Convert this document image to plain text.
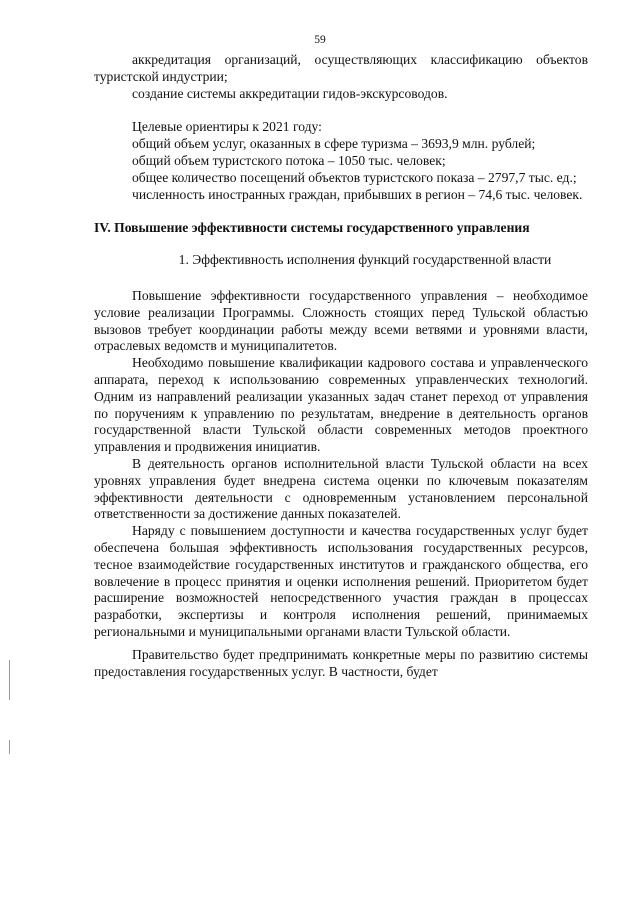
59

аккредитация организаций, осуществляющих классификацию объектов туристской индустрии;

создание системы аккредитации гидов-экскурсоводов.

Целевые ориентиры к 2021 году:

общий объем услуг, оказанных в сфере туризма – 3693,9 млн. рублей;

общий объем туристского потока – 1050 тыс. человек;

общее количество посещений объектов туристского показа – 2797,7 тыс. ед.;

численность иностранных граждан, прибывших в регион – 74,6 тыс. человек.

IV. Повышение эффективности системы государственного управления

1. Эффективность исполнения функций государственной власти

Повышение эффективности государственного управления – необходимое условие реализации Программы. Сложность стоящих перед Тульской областью вызовов требует координации работы между всеми ветвями и уровнями власти, отраслевых ведомств и муниципалитетов.

Необходимо повышение квалификации кадрового состава и управленческого аппарата, переход к использованию современных управленческих технологий. Одним из направлений реализации указанных задач станет переход от управления по поручениям к управлению по результатам, внедрение в деятельность органов государственной власти Тульской области современных методов проектного управления и продвижения инициатив.

В деятельность органов исполнительной власти Тульской области на всех уровнях управления будет внедрена система оценки по ключевым показателям эффективности деятельности с одновременным установлением персональной ответственности за достижение данных показателей.

Наряду с повышением доступности и качества государственных услуг будет обеспечена большая эффективность использования государственных ресурсов, тесное взаимодействие государственных институтов и гражданского общества, его вовлечение в процесс принятия и оценки исполнения решений. Приоритетом будет расширение возможностей непосредственного участия граждан в процессах разработки, экспертизы и контроля исполнения решений, принимаемых региональными и муниципальными органами власти Тульской области.

Правительство будет предпринимать конкретные меры по развитию системы предоставления государственных услуг. В частности, будет
